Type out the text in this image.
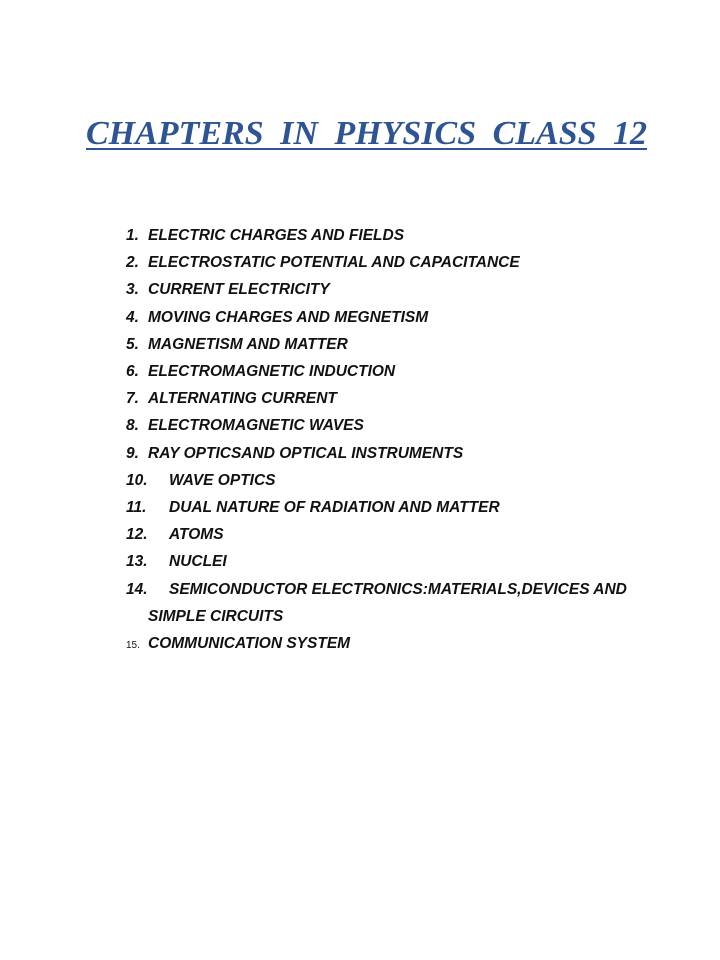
CHAPTERS IN PHYSICS CLASS 12
1. ELECTRIC CHARGES AND FIELDS
2. ELECTROSTATIC POTENTIAL AND CAPACITANCE
3. CURRENT ELECTRICITY
4. MOVING CHARGES AND MEGNETISM
5. MAGNETISM AND MATTER
6. ELECTROMAGNETIC INDUCTION
7. ALTERNATING CURRENT
8. ELECTROMAGNETIC WAVES
9. RAY OPTICSAND OPTICAL INSTRUMENTS
10.	WAVE OPTICS
11.	DUAL NATURE OF RADIATION AND MATTER
12.	ATOMS
13.	NUCLEI
14.	SEMICONDUCTOR ELECTRONICS:MATERIALS,DEVICES AND
SIMPLE CIRCUITS
15. COMMUNICATION SYSTEM
